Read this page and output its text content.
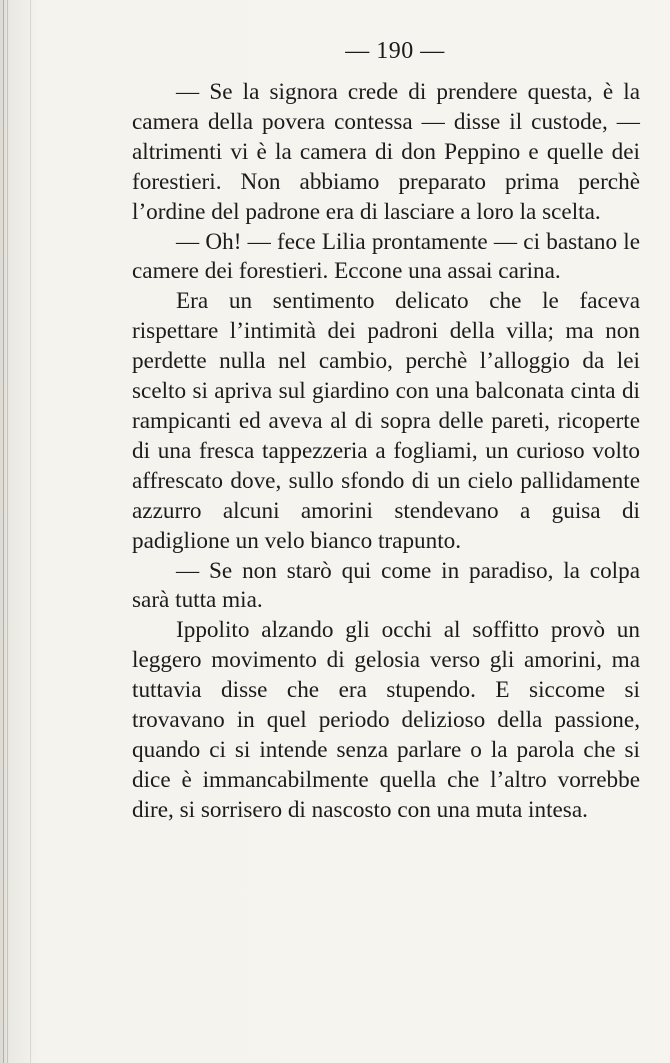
— 190 —

— Se la signora crede di prendere questa, è la camera della povera contessa — disse il custode, — altrimenti vi è la camera di don Peppino e quelle dei forestieri. Non abbiamo preparato prima perchè l’ordine del padrone era di lasciare a loro la scelta.

— Oh! — fece Lilia prontamente — ci bastano le camere dei forestieri. Eccone una assai carina.

Era un sentimento delicato che le faceva rispettare l’intimità dei padroni della villa; ma non perdette nulla nel cambio, perchè l’alloggio da lei scelto si apriva sul giardino con una balconata cinta di rampicanti ed aveva al di sopra delle pareti, ricoperte di una fresca tappezzeria a fogliami, un curioso volto affrescato dove, sullo sfondo di un cielo pallidamente azzurro alcuni amorini stendevano a guisa di padiglione un velo bianco trapunto.

— Se non starò qui come in paradiso, la colpa sarà tutta mia.

Ippolito alzando gli occhi al soffitto provò un leggero movimento di gelosia verso gli amorini, ma tuttavia disse che era stupendo. E siccome si trovavano in quel periodo delizioso della passione, quando ci si intende senza parlare o la parola che si dice è immancabilmente quella che l’altro vorrebbe dire, si sorrisero di nascosto con una muta intesa.
